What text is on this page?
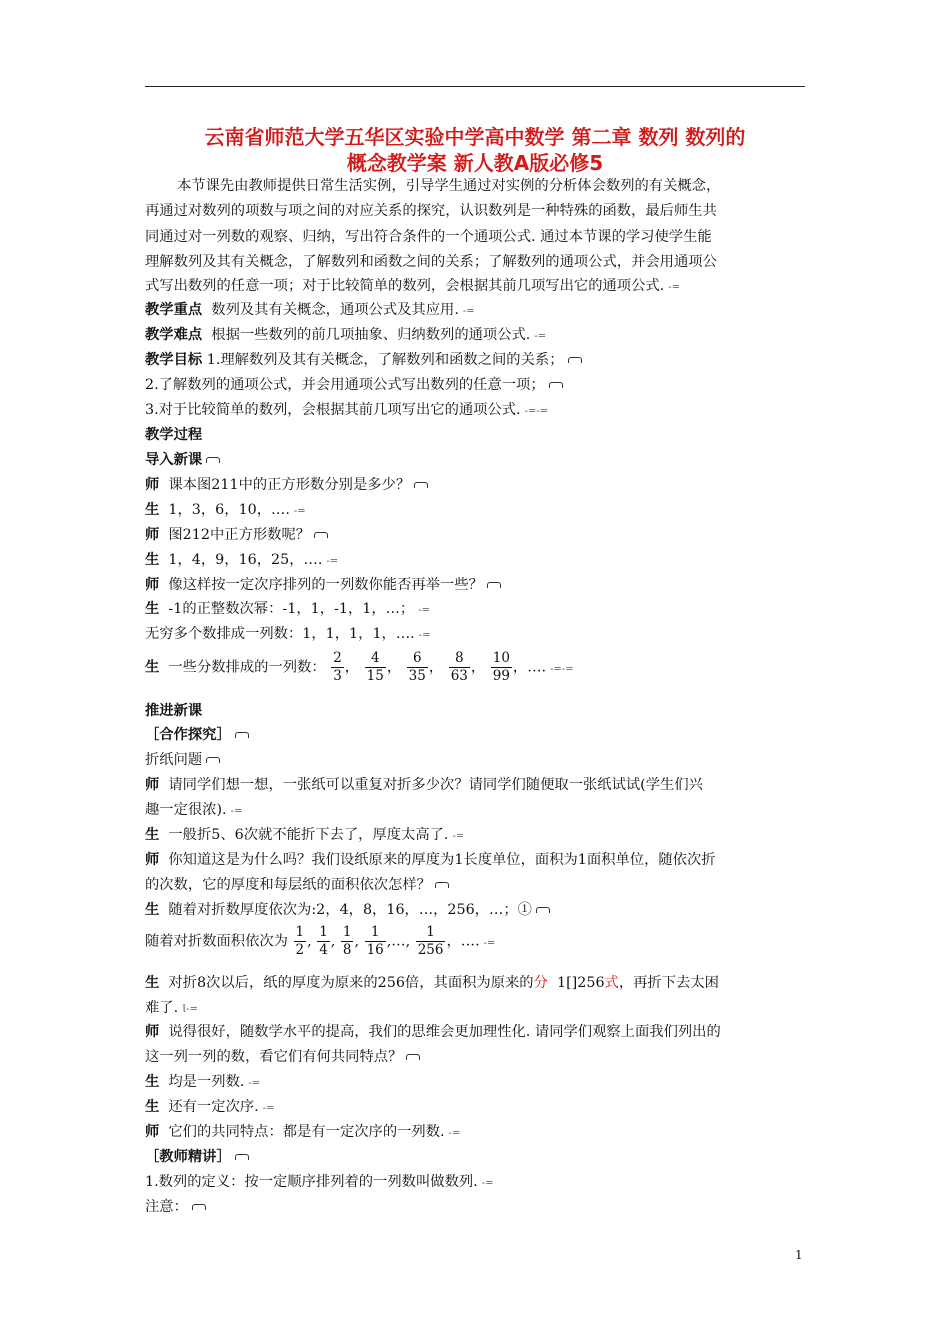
云南省师范大学五华区实验中学高中数学 第二章 数列 数列的
概念教学案 新人教A版必修5
本节课先由教师提供日常生活实例，引导学生通过对实例的分析体会数列的有关概念，
再通过对数列的项数与项之间的对应关系的探究，认识数列是一种特殊的函数，最后师生共
同通过对一列数的观察、归纳，写出符合条件的一个通项公式. 通过本节课的学习使学生能
理解数列及其有关概念，了解数列和函数之间的关系；了解数列的通项公式，并会用通项公
式写出数列的任意一项；对于比较简单的数列，会根据其前几项写出它的通项公式. -=
教学重点 数列及其有关概念，通项公式及其应用. -=
教学难点 根据一些数列的前几项抽象、归纳数列的通项公式. -=
教学目标 1.理解数列及其有关概念，了解数列和函数之间的关系；
2.了解数列的通项公式，并会用通项公式写出数列的任意一项；
3.对于比较简单的数列，会根据其前几项写出它的通项公式. -=-=
教学过程
导入新课
师 课本图211中的正方形数分别是多少？
生 1，3，6，10，…. -=
师 图212中正方形数呢？
生 1，4，9，16，25，…. -=
师 像这样按一定次序排列的一列数你能否再举一些？
生 -1的正整数次幂：-1，1，-1，1，…； -=
无穷多个数排成一列数：1，1，1，1，…. -=
生 一些分数排成的一列数： $\frac{2}{3}$ ， $\frac{4}{15}$ ， $\frac{6}{35}$ ， $\frac{8}{63}$ ， $\frac{10}{99}$ ，…. -=-=
推进新课
［合作探究］
折纸问题
师 请同学们想一想，一张纸可以重复对折多少次？请同学们随便取一张纸试试(学生们兴
趣一定很浓). -=
生 一般折5、6次就不能折下去了，厚度太高了. -=
师 你知道这是为什么吗？我们设纸原来的厚度为1长度单位，面积为1面积单位，随依次折
的次数，它的厚度和每层纸的面积依次怎样？
生 随着对折数厚度依次为:2，4，8，16，…，256，…；①
随着对折数面积依次为 $\frac{1}{2}$ , $\frac{1}{4}$ , $\frac{1}{8}$ , $\frac{1}{16}$ ,…, $\frac{1}{256}$ ，…. -=
生 对折8次以后，纸的厚度为原来的256倍，其面积为原来的分 1[]256式，再折下去太困
难了. Ɩ-=
师 说得很好，随数学水平的提高，我们的思维会更加理性化. 请同学们观察上面我们列出的
这一列一列的数，看它们有何共同特点？
生 均是一列数. -=
生 还有一定次序. -=
师 它们的共同特点：都是有一定次序的一列数. -=
［教师精讲］
1.数列的定义：按一定顺序排列着的一列数叫做数列. -=
注意：
1
